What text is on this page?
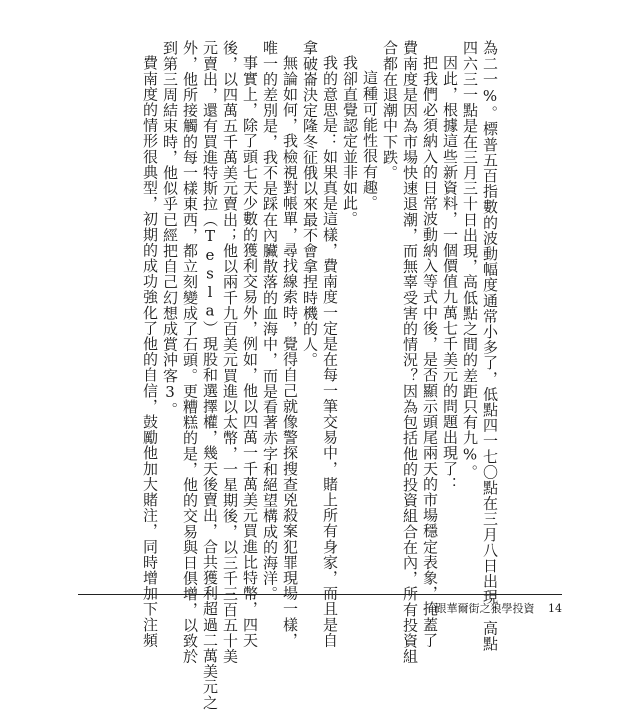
為二一%。標普五百指數的波動幅度通常小多了，低點四一七〇點在三月八日出現，高點
四六三一點是在三月三十日出現，高低點之間的差距只有九%。
因此，根據這些新資料，一個價值九萬七千美元的問題出現了：
把我們必須納入的日常波動納入等式中後，是否顯示頭尾兩天的市場穩定表象，掩蓋了
費南度是因為市場快速退潮，而無辜受害的情況？因為包括他的投資組合在內，所有投資組
合都在退潮中下跌。
這種可能性很有趣。
我卻直覺認定並非如此。
我的意思是：如果真是這樣，費南度一定是在每一筆交易中，賭上所有身家，而且是自
拿破崙決定隆冬征俄以來最不會拿捏時機的人。
無論如何，我檢視對帳單，尋找線索時，覺得自己就像警探搜查兇殺案犯罪現場一樣，
唯一的差別是，我不是踩在內臟散落的血海中，而是看著赤字和絕望構成的海洋。
事實上，除了頭七天少數的獲利交易外，例如，他以四萬一千萬美元買進比特幣，四天
後，以四萬五千萬美元賣出；他以兩千九百美元買進以太幣，一星期後，以三千三百五十美
元賣出，還有買進特斯拉（Tesla）現股和選擇權，幾天後賣出，合共獲利超過二萬美元之
外，他所接觸的每一樣東西，都立刻變成了石頭。更糟糕的是，他的交易與日俱增，以致於
到第三周結束時，他似乎已經把自己幻想成賞沖客3。
費南度的情形很典型，初期的成功強化了他的自信，鼓勵他加大賭注，同時增加下注頻	跟華爾街之狼學投資 14
